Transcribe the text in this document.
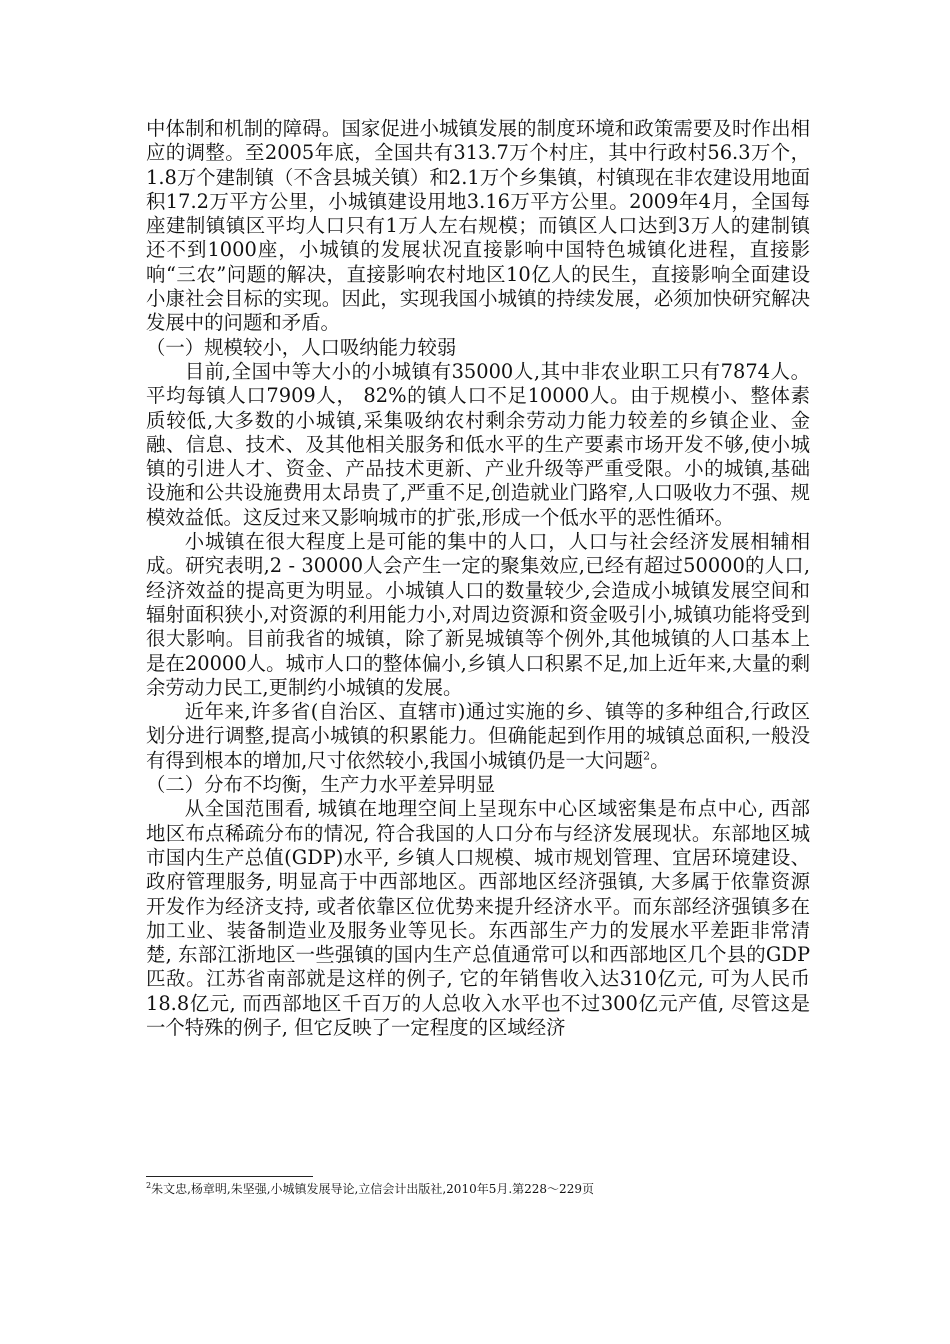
中体制和机制的障碍。国家促进小城镇发展的制度环境和政策需要及时作出相应的调整。至2005年底，全国共有313.7万个村庄，其中行政村56.3万个，1.8万个建制镇（不含县城关镇）和2.1万个乡集镇，村镇现在非农建设用地面积17.2万平方公里，小城镇建设用地3.16万平方公里。2009年4月，全国每座建制镇镇区平均人口只有1万人左右规模；而镇区人口达到3万人的建制镇还不到1000座，小城镇的发展状况直接影响中国特色城镇化进程，直接影响“三农”问题的解决，直接影响农村地区10亿人的民生，直接影响全面建设小康社会目标的实现。因此，实现我国小城镇的持续发展，必须加快研究解决发展中的问题和矛盾。

（一）规模较小，人口吸纳能力较弱

目前,全国中等大小的小城镇有35000人,其中非农业职工只有7874人。平均每镇人口7909人， 82%的镇人口不足10000人。由于规模小、整体素质较低,大多数的小城镇,采集吸纳农村剩余劳动力能力较差的乡镇企业、金融、信息、技术、及其他相关服务和低水平的生产要素市场开发不够,使小城镇的引进人才、资金、产品技术更新、产业升级等严重受限。小的城镇,基础设施和公共设施费用太昂贵了,严重不足,创造就业门路窄,人口吸收力不强、规模效益低。这反过来又影响城市的扩张,形成一个低水平的恶性循环。

小城镇在很大程度上是可能的集中的人口，人口与社会经济发展相辅相成。研究表明,2 - 30000人会产生一定的聚集效应,已经有超过50000的人口,经济效益的提高更为明显。小城镇人口的数量较少,会造成小城镇发展空间和辐射面积狭小,对资源的利用能力小,对周边资源和资金吸引小,城镇功能将受到很大影响。目前我省的城镇，除了新晃城镇等个例外,其他城镇的人口基本上是在20000人。城市人口的整体偏小,乡镇人口积累不足,加上近年来,大量的剩余劳动力民工,更制约小城镇的发展。

近年来,许多省(自治区、直辖市)通过实施的乡、镇等的多种组合,行政区划分进行调整,提高小城镇的积累能力。但确能起到作用的城镇总面积,一般没有得到根本的增加,尺寸依然较小,我国小城镇仍是一大问题$^2$。

（二）分布不均衡，生产力水平差异明显

从全国范围看, 城镇在地理空间上呈现东中心区域密集是布点中心, 西部地区布点稀疏分布的情况, 符合我国的人口分布与经济发展现状。东部地区城市国内生产总值(GDP)水平, 乡镇人口规模、城市规划管理、宜居环境建设、政府管理服务, 明显高于中西部地区。西部地区经济强镇, 大多属于依靠资源开发作为经济支持, 或者依靠区位优势来提升经济水平。而东部经济强镇多在加工业、装备制造业及服务业等见长。东西部生产力的发展水平差距非常清楚, 东部江浙地区一些强镇的国内生产总值通常可以和西部地区几个县的GDP匹敌。江苏省南部就是这样的例子, 它的年销售收入达310亿元, 可为人民币18.8亿元, 而西部地区千百万的人总收入水平也不过300亿元产值, 尽管这是一个特殊的例子, 但它反映了一定程度的区域经济

$^2$朱文忠,杨章明,朱坚强,小城镇发展导论,立信会计出版社,2010年5月.第228～229页
